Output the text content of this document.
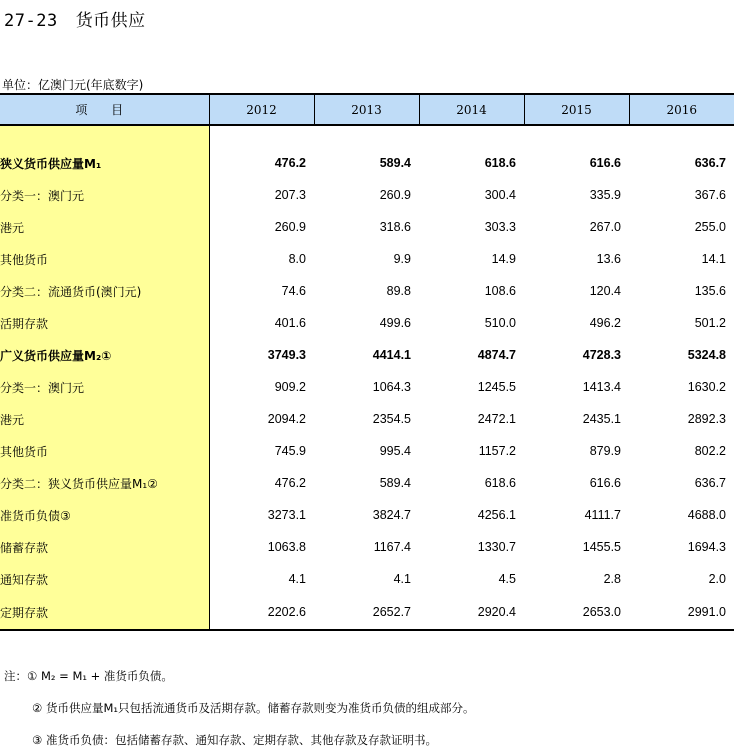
27-23 货币供应
单位：亿澳门元(年底数字)
项 目	2012	2013	2014	2015	2016

狭义货币供应量M₁	476.2	589.4	618.6	616.6	636.7
分类一：澳门元	207.3	260.9	300.4	335.9	367.6
港元	260.9	318.6	303.3	267.0	255.0
其他货币	8.0	9.9	14.9	13.6	14.1
分类二：流通货币(澳门元)	74.6	89.8	108.6	120.4	135.6
活期存款	401.6	499.6	510.0	496.2	501.2
广义货币供应量M₂①	3749.3	4414.1	4874.7	4728.3	5324.8
分类一：澳门元	909.2	1064.3	1245.5	1413.4	1630.2
港元	2094.2	2354.5	2472.1	2435.1	2892.3
其他货币	745.9	995.4	1157.2	879.9	802.2
分类二：狭义货币供应量M₁②	476.2	589.4	618.6	616.6	636.7
准货币负债③	3273.1	3824.7	4256.1	4111.7	4688.0
储蓄存款	1063.8	1167.4	1330.7	1455.5	1694.3
通知存款	4.1	4.1	4.5	2.8	2.0
定期存款	2202.6	2652.7	2920.4	2653.0	2991.0
注：① M₂ = M₁ + 准货币负债。
② 货币供应量M₁只包括流通货币及活期存款。储蓄存款则变为准货币负债的组成部分。
③ 准货币负债：包括储蓄存款、通知存款、定期存款、其他存款及存款证明书。
